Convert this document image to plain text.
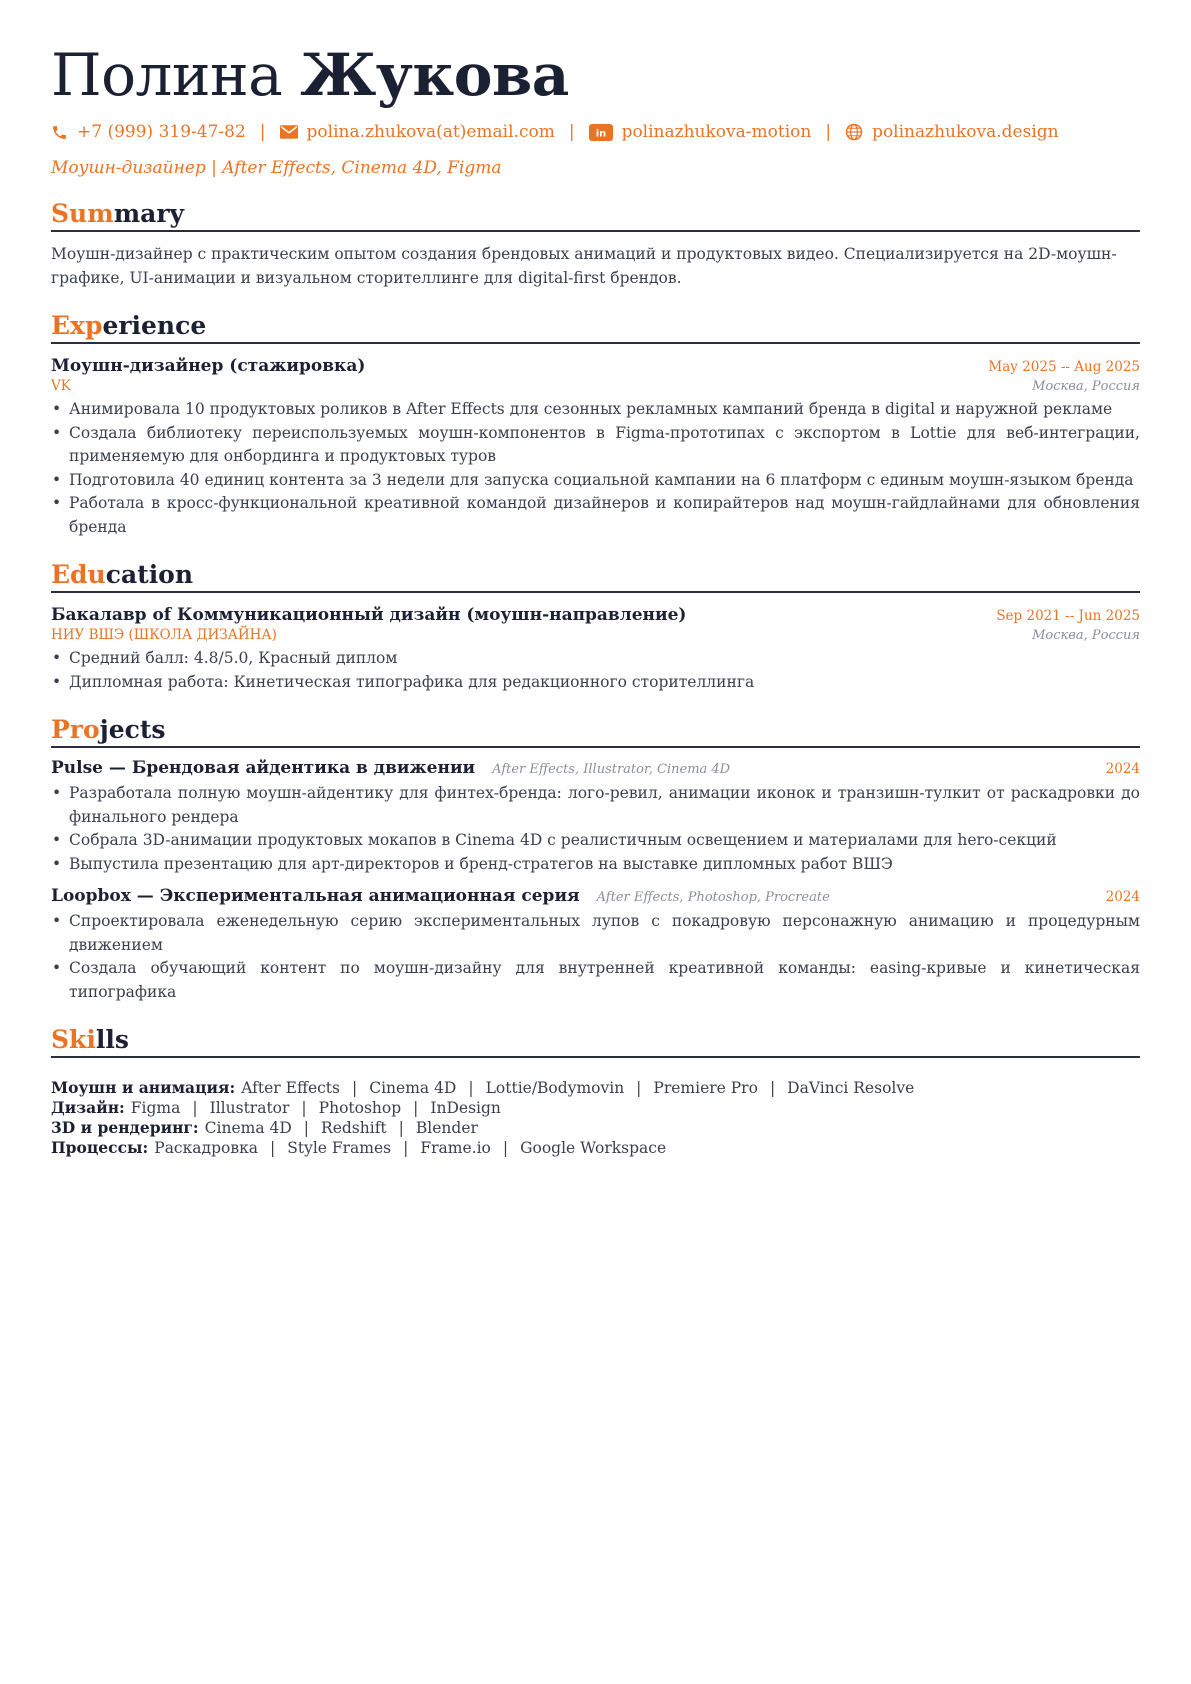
Полина Жукова
+7 (999) 319-47-82 | polina.zhukova(at)email.com | in polinazhukova-motion | polinazhukova.design
Моушн-дизайнер | After Effects, Cinema 4D, Figma
Summary
Моушн-дизайнер с практическим опытом создания брендовых анимаций и продуктовых видео. Специализируется на 2D-моушн-графике, UI-анимации и визуальном сторителлинге для digital-first брендов.
Experience
Моушн-дизайнер (стажировка)	May 2025 -- Aug 2025
VK	Москва, Россия
• Анимировала 10 продуктовых роликов в After Effects для сезонных рекламных кампаний бренда в digital и наружной рекламе
• Создала библиотеку переиспользуемых моушн-компонентов в Figma-прототипах с экспортом в Lottie для веб-интеграции, применяемую для онбординга и продуктовых туров
• Подготовила 40 единиц контента за 3 недели для запуска социальной кампании на 6 платформ с единым моушн-языком бренда
• Работала в кросс-функциональной креативной командой дизайнеров и копирайтеров над моушн-гайдлайнами для обновления бренда
Education
Бакалавр of Коммуникационный дизайн (моушн-направление)	Sep 2021 -- Jun 2025
НИУ ВШЭ (ШКОЛА ДИЗАЙНА)	Москва, Россия
• Средний балл: 4.8/5.0, Красный диплом
• Дипломная работа: Кинетическая типографика для редакционного сторителлинга
Projects
Pulse — Брендовая айдентика в движении After Effects, Illustrator, Cinema 4D	2024
• Разработала полную моушн-айдентику для финтех-бренда: лого-ревил, анимации иконок и транзишн-тулкит от раскадровки до финального рендера
• Собрала 3D-анимации продуктовых мокапов в Cinema 4D с реалистичным освещением и материалами для hero-секций
• Выпустила презентацию для арт-директоров и бренд-стратегов на выставке дипломных работ ВШЭ
Loopbox — Экспериментальная анимационная серия After Effects, Photoshop, Procreate	2024
• Спроектировала еженедельную серию экспериментальных лупов с покадровую персонажную анимацию и процедурным движением
• Создала обучающий контент по моушн-дизайну для внутренней креативной команды: easing-кривые и кинетическая типографика
Skills
Моушн и анимация: After Effects | Cinema 4D | Lottie/Bodymovin | Premiere Pro | DaVinci Resolve
Дизайн: Figma | Illustrator | Photoshop | InDesign
3D и рендеринг: Cinema 4D | Redshift | Blender
Процессы: Раскадровка | Style Frames | Frame.io | Google Workspace
